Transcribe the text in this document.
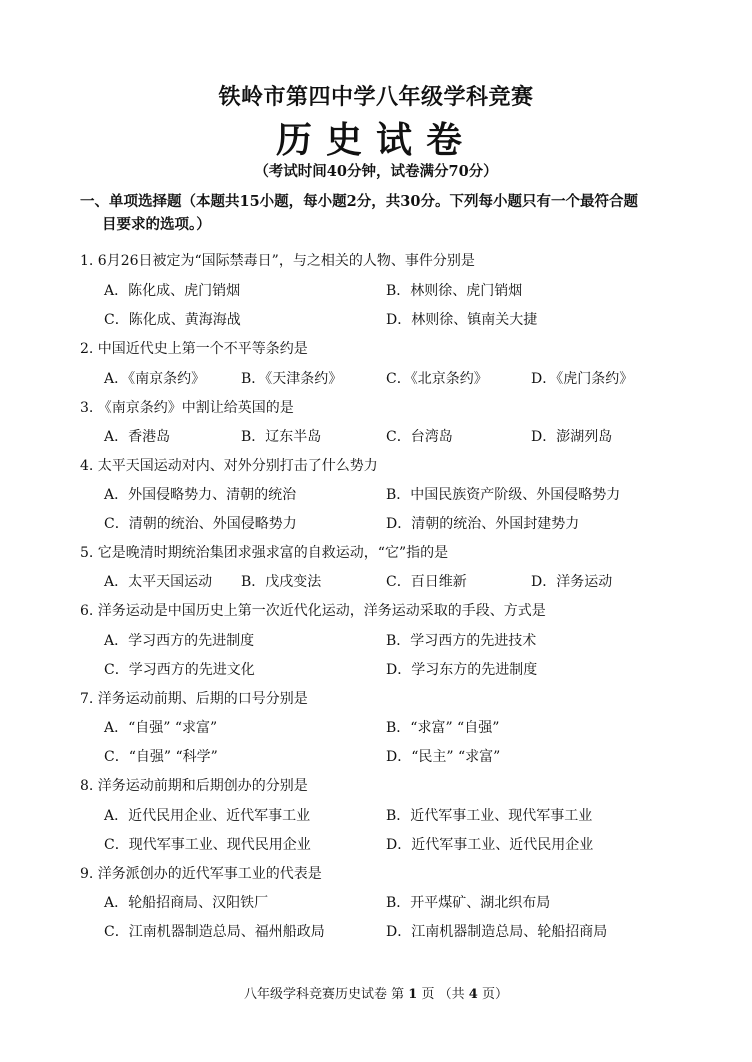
铁岭市第四中学八年级学科竞赛
历史试卷
（考试时间40分钟，试卷满分70分）
一、单项选择题（本题共15小题，每小题2分，共30分。下列每小题只有一个最符合题
目要求的选项。）
1. 6月26日被定为“国际禁毒日”，与之相关的人物、事件分别是
A．陈化成、虎门销烟	B．林则徐、虎门销烟
C．陈化成、黄海海战	D．林则徐、镇南关大捷
2. 中国近代史上第一个不平等条约是
A．《南京条约》	B．《天津条约》	C．《北京条约》	D．《虎门条约》
3. 《南京条约》中割让给英国的是
A．香港岛	B．辽东半岛	C．台湾岛	D．澎湖列岛
4. 太平天国运动对内、对外分别打击了什么势力
A．外国侵略势力、清朝的统治	B．中国民族资产阶级、外国侵略势力
C．清朝的统治、外国侵略势力	D．清朝的统治、外国封建势力
5. 它是晚清时期统治集团求强求富的自救运动，“它”指的是
A．太平天国运动 B．戊戌变法	C．百日维新	D．洋务运动
6. 洋务运动是中国历史上第一次近代化运动，洋务运动采取的手段、方式是
A．学习西方的先进制度	B．学习西方的先进技术
C．学习西方的先进文化	D．学习东方的先进制度
7. 洋务运动前期、后期的口号分别是
A．“自强” “求富”	B．“求富” “自强”
C．“自强” “科学”	D．“民主” “求富”
8. 洋务运动前期和后期创办的分别是
A．近代民用企业、近代军事工业	B．近代军事工业、现代军事工业
C．现代军事工业、现代民用企业	D．近代军事工业、近代民用企业
9. 洋务派创办的近代军事工业的代表是
A．轮船招商局、汉阳铁厂	B．开平煤矿、湖北织布局
C．江南机器制造总局、福州船政局	D．江南机器制造总局、轮船招商局
八年级学科竞赛历史试卷 第 1 页 （共 4 页）
